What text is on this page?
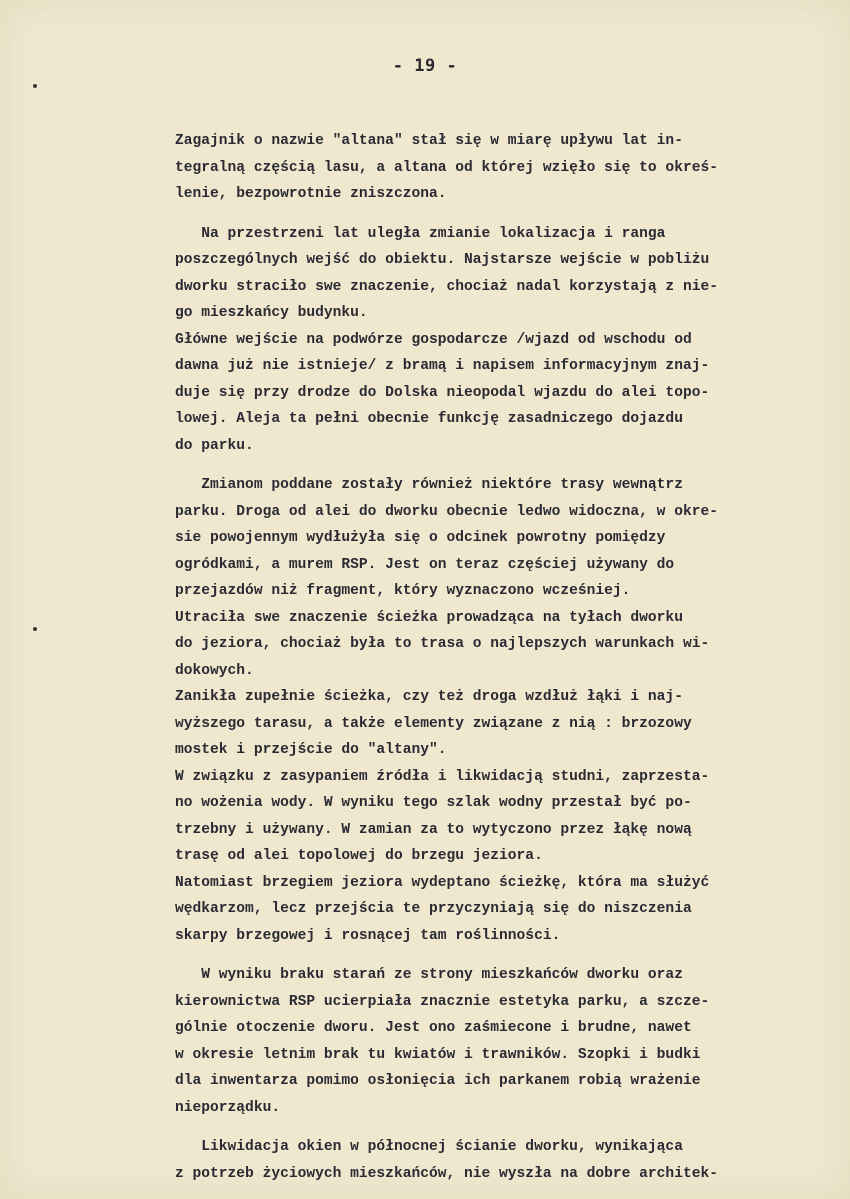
- 19 -
Zagajnik o nazwie "altana" stał się w miarę upływu lat in-
tegralną częścią lasu, a altana od której wzięło się to okreś-
lenie, bezpowrotnie zniszczona.
Na przestrzeni lat uległa zmianie lokalizacja i ranga
poszczególnych wejść do obiektu. Najstarsze wejście w pobliżu
dworku straciło swe znaczenie, chociaż nadal korzystają z nie-
go mieszkańcy budynku.
Główne wejście na podwórze gospodarcze /wjazd od wschodu od
dawna już nie istnieje/ z bramą i napisem informacyjnym znaj-
duje się przy drodze do Dolska nieopodal wjazdu do alei topo-
lowej. Aleja ta pełni obecnie funkcję zasadniczego dojazdu
do parku.
Zmianom poddane zostały również niektóre trasy wewnątrz
parku. Droga od alei do dworku obecnie ledwo widoczna, w okre-
sie powojennym wydłużyła się o odcinek powrotny pomiędzy
ogródkami, a murem RSP. Jest on teraz częściej używany do
przejazdów niż fragment, który wyznaczono wcześniej.
Utraciła swe znaczenie ścieżka prowadząca na tyłach dworku
do jeziora, chociaż była to trasa o najlepszych warunkach wi-
dokowych.
Zanikła zupełnie ścieżka, czy też droga wzdłuż łąki i naj-
wyższego tarasu, a także elementy związane z nią : brzozowy
mostek i przejście do "altany".
W związku z zasypaniem źródła i likwidacją studni, zaprzesta-
no wożenia wody. W wyniku tego szlak wodny przestał być po-
trzebny i używany. W zamian za to wytyczono przez łąkę nową
trasę od alei topolowej do brzegu jeziora.
Natomiast brzegiem jeziora wydeptano ścieżkę, która ma służyć
wędkarzom, lecz przejścia te przyczyniają się do niszczenia
skarpy brzegowej i rosnącej tam roślinności.
W wyniku braku starań ze strony mieszkańców dworku oraz
kierownictwa RSP ucierpiała znacznie estetyka parku, a szcze-
gólnie otoczenie dworu. Jest ono zaśmiecone i brudne, nawet
w okresie letnim brak tu kwiatów i trawników. Szopki i budki
dla inwentarza pomimo osłonięcia ich parkanem robią wrażenie
nieporządku.
Likwidacja okien w północnej ścianie dworku, wynikająca
z potrzeb życiowych mieszkańców, nie wyszła na dobre architek-
